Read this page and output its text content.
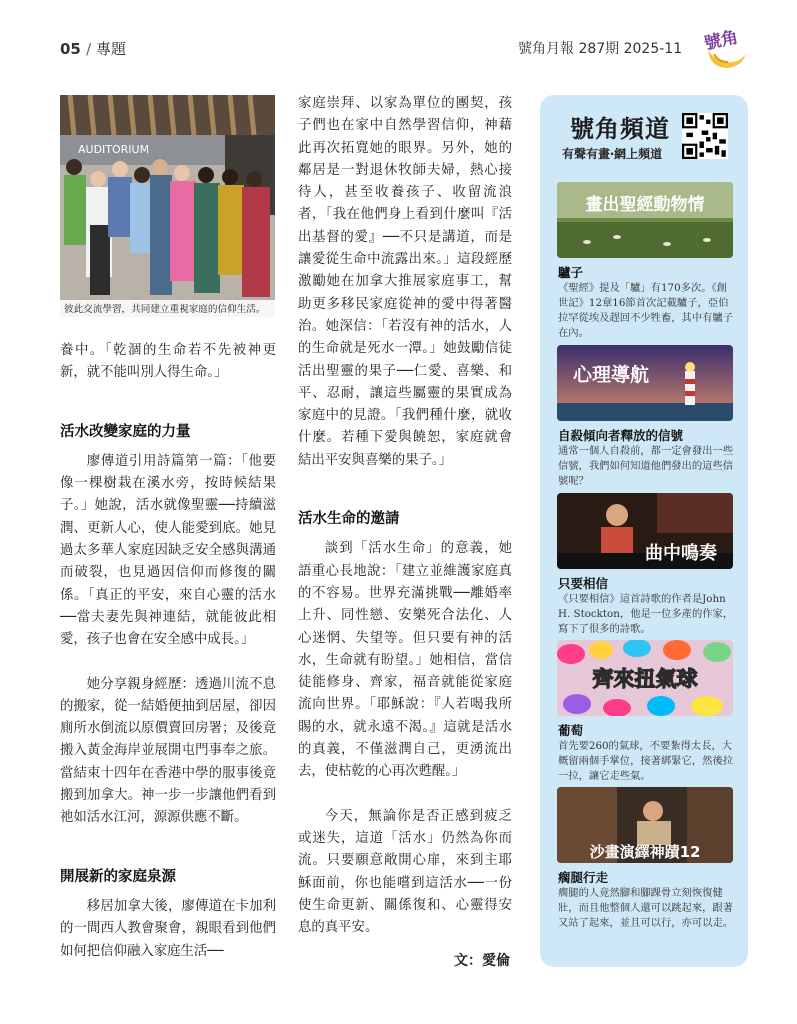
05 / 專題	號角月報 287期 2025-11 號角
AUDITORIUM
彼此交流學習，共同建立重視家庭的信仰生活。

養中。「乾涸的生命若不先被神更新，就不能叫別人得生命。」

活水改變家庭的力量

廖傳道引用詩篇第一篇：「他要像一棵樹栽在溪水旁，按時候結果子。」她說，活水就像聖靈──持續滋潤、更新人心，使人能愛到底。她見過太多華人家庭因缺乏安全感與溝通而破裂，也見過因信仰而修復的關係。「真正的平安，來自心靈的活水──當夫妻先與神連結，就能彼此相愛，孩子也會在安全感中成長。」

她分享親身經歷：透過川流不息的搬家，從一結婚便抽到居屋，卻因廁所水倒流以原價賣回房署；及後竟搬入黃金海岸並展開屯門事奉之旅。當結束十四年在香港中學的服事後竟搬到加拿大。神一步一步讓他們看到祂如活水江河，源源供應不斷。

開展新的家庭泉源

移居加拿大後，廖傳道在卡加利的一間西人教會聚會，親眼看到他們如何把信仰融入家庭生活──

家庭崇拜、以家為單位的團契，孩子們也在家中自然學習信仰，神藉此再次拓寬她的眼界。另外，她的鄰居是一對退休牧師夫婦，熱心接待人，甚至收養孩子、收留流浪者，「我在他們身上看到什麼叫『活出基督的愛』──不只是講道，而是讓愛從生命中流露出來。」這段經歷激勵她在加拿大推展家庭事工，幫助更多移民家庭從神的愛中得著醫治。她深信：「若沒有神的活水，人的生命就是死水一潭。」她鼓勵信徒活出聖靈的果子──仁愛、喜樂、和平、忍耐，讓這些屬靈的果實成為家庭中的見證。「我們種什麼，就收什麼。若種下愛與饒恕，家庭就會結出平安與喜樂的果子。」

活水生命的邀請

談到「活水生命」的意義，她語重心長地說：「建立並維護家庭真的不容易。世界充滿挑戰──離婚率上升、同性戀、安樂死合法化、人心迷惘、失望等。但只要有神的活水，生命就有盼望。」她相信，當信徒能修身、齊家，福音就能從家庭流向世界。「耶穌說：『人若喝我所賜的水，就永遠不渴。』這就是活水的真義，不僅滋潤自己，更湧流出去，使枯乾的心再次甦醒。」

今天，無論你是否正感到疲乏或迷失，這道「活水」仍然為你而流。只要願意敞開心扉，來到主耶穌面前，你也能嚐到這活水──一份使生命更新、關係復和、心靈得安息的真平安。

文：愛倫
號角頻道
有聲有畫‧網上頻道
畫出聖經動物情
驢子
《聖經》提及「驢」有170多次。《創世記》12章16節首次記載驢子，亞伯拉罕從埃及趕回不少牲畜，其中有驢子在內。
心理導航
自殺傾向者釋放的信號
通常一個人自殺前，都一定會發出一些信號，我們如何知道他們發出的這些信號呢？
曲中鳴奏
只要相信
《只要相信》這首詩歌的作者是John H. Stockton，他是一位多產的作家，寫下了很多的詩歌。
齊來扭氣球
葡萄
首先要260的氣球，不要紮得太長，大概留兩個手掌位，接著綁緊它，然後拉一拉，讓它走些氣。
沙畫演繹神蹟12
瘸腿行走
瘸腿的人竟然腳和腳踝骨立刻恢復健壯，而且他整個人還可以跳起來，跟著又站了起來，並且可以行，亦可以走。
